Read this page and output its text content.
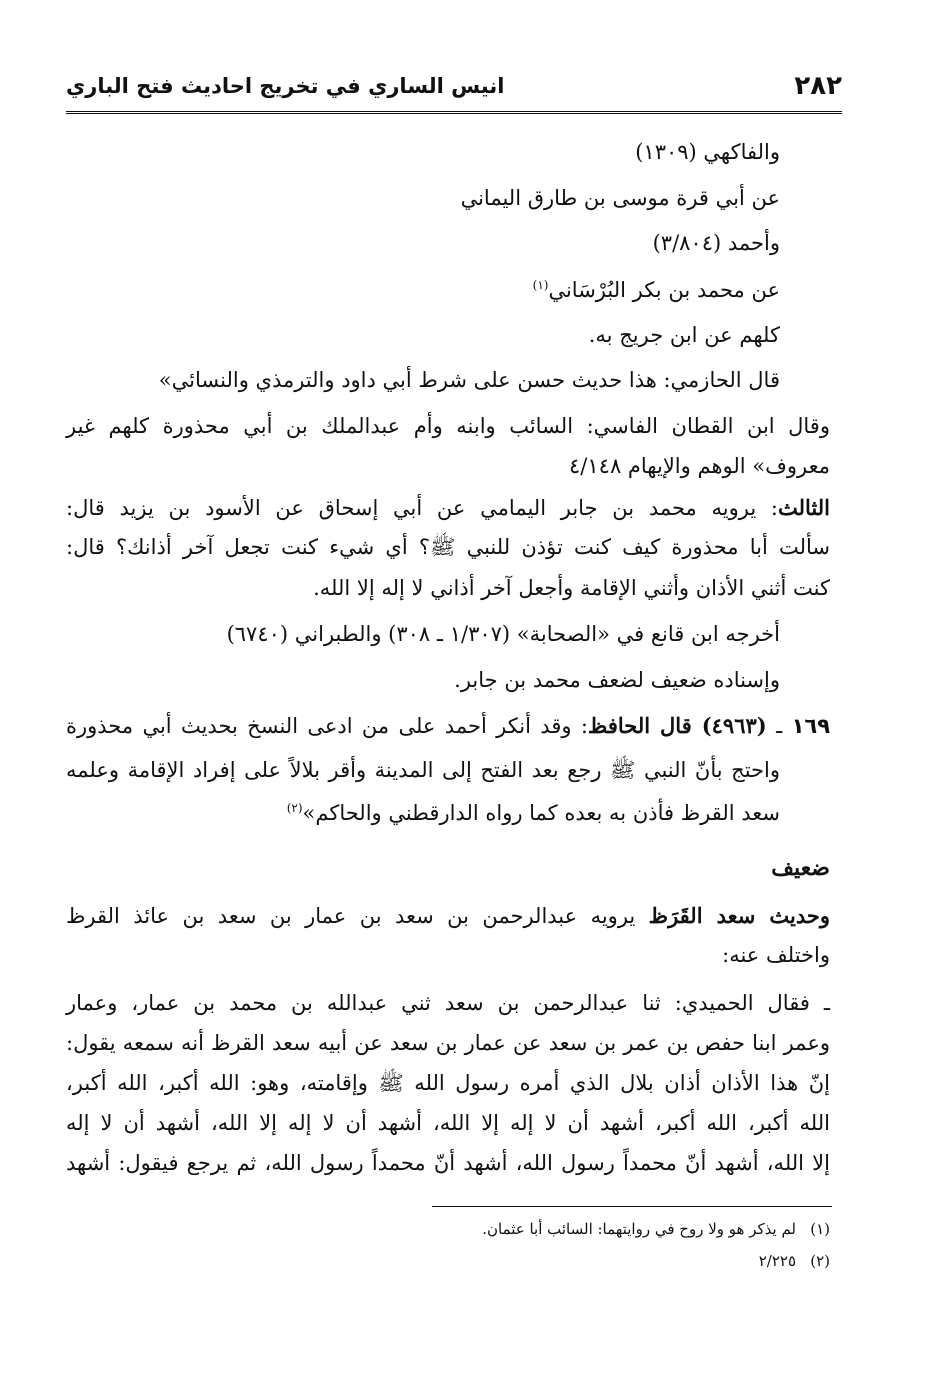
٢٨٢
انيس الساري في تخريج احاديث فتح الباري
والفاكهي (١٣٠٩)
عن أبي قرة موسى بن طارق اليماني
وأحمد (٣/٨٠٤)
عن محمد بن بكر البُرْسَاني$^{(١)}$
كلهم عن ابن جريج به.
قال الحازمي: هذا حديث حسن على شرط أبي داود والترمذي والنسائي»
وقال ابن القطان الفاسي: السائب وابنه وأم عبدالملك بن أبي محذورة كلهم غير
معروف» الوهم والإيهام ٤/١٤٨
الثالث: يرويه محمد بن جابر اليمامي عن أبي إسحاق عن الأسود بن يزيد قال:
سألت أبا محذورة كيف كنت تؤذن للنبي ﷺ؟ أي شيء كنت تجعل آخر أذانك؟ قال:
كنت أثني الأذان وأثني الإقامة وأجعل آخر أذاني لا إله إلا الله.
أخرجه ابن قانع في «الصحابة» (١/٣٠٧ ـ ٣٠٨) والطبراني (٦٧٤٠)
وإسناده ضعيف لضعف محمد بن جابر.
١٦٩ ـ (٤٩٦٣) قال الحافظ: وقد أنكر أحمد على من ادعى النسخ بحديث أبي محذورة
واحتج بأنّ النبي ﷺ رجع بعد الفتح إلى المدينة وأقر بلالاً على إفراد الإقامة وعلمه
سعد القرظ فأذن به بعده كما رواه الدارقطني والحاكم»$^{(٢)}$
ضعيف
وحديث سعد القَرَظ يرويه عبدالرحمن بن سعد بن عمار بن سعد بن عائذ القرظ
واختلف عنه:
ـ فقال الحميدي: ثنا عبدالرحمن بن سعد ثني عبدالله بن محمد بن عمار، وعمار
وعمر ابنا حفص بن عمر بن سعد عن عمار بن سعد عن أبيه سعد القرظ أنه سمعه يقول:
إنّ هذا الأذان أذان بلال الذي أمره رسول الله ﷺ وإقامته، وهو: الله أكبر، الله أكبر،
الله أكبر، الله أكبر، أشهد أن لا إله إلا الله، أشهد أن لا إله إلا الله، أشهد أن لا إله
إلا الله، أشهد أنّ محمداً رسول الله، أشهد أنّ محمداً رسول الله، ثم يرجع فيقول: أشهد
(١)لم يذكر هو ولا روح في روايتهما: السائب أبا عثمان.
(٢)٢/٢٢٥
